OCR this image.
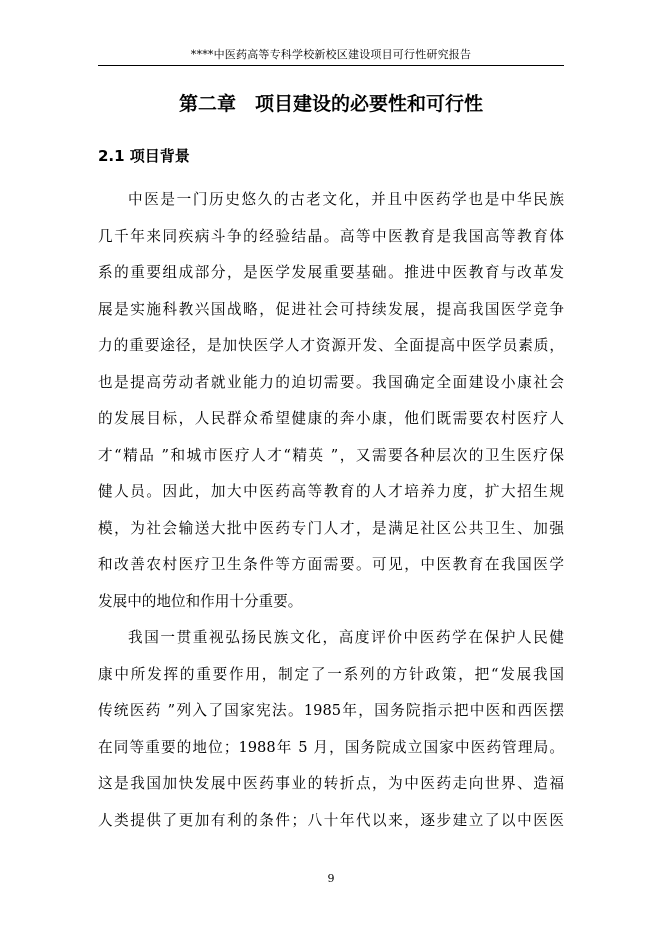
****中医药高等专科学校新校区建设项目可行性研究报告
第二章　项目建设的必要性和可行性
2.1 项目背景
中医是一门历史悠久的古老文化，并且中医药学也是中华民族
几千年来同疾病斗争的经验结晶。高等中医教育是我国高等教育体
系的重要组成部分，是医学发展重要基础。推进中医教育与改革发
展是实施科教兴国战略，促进社会可持续发展，提高我国医学竞争
力的重要途径，是加快医学人才资源开发、全面提高中医学员素质，
也是提高劳动者就业能力的迫切需要。我国确定全面建设小康社会
的发展目标，人民群众希望健康的奔小康，他们既需要农村医疗人
才“精品 ”和城市医疗人才“精英 ”，又需要各种层次的卫生医疗保
健人员。因此，加大中医药高等教育的人才培养力度，扩大招生规
模，为社会输送大批中医药专门人才，是满足社区公共卫生、加强
和改善农村医疗卫生条件等方面需要。可见，中医教育在我国医学
发展中的地位和作用十分重要。
我国一贯重视弘扬民族文化，高度评价中医药学在保护人民健
康中所发挥的重要作用，制定了一系列的方针政策，把“发展我国
传统医药 ”列入了国家宪法。1985年，国务院指示把中医和西医摆
在同等重要的地位；1988年 5 月，国务院成立国家中医药管理局。
这是我国加快发展中医药事业的转折点，为中医药走向世界、造福
人类提供了更加有利的条件；八十年代以来，逐步建立了以中医医
9
